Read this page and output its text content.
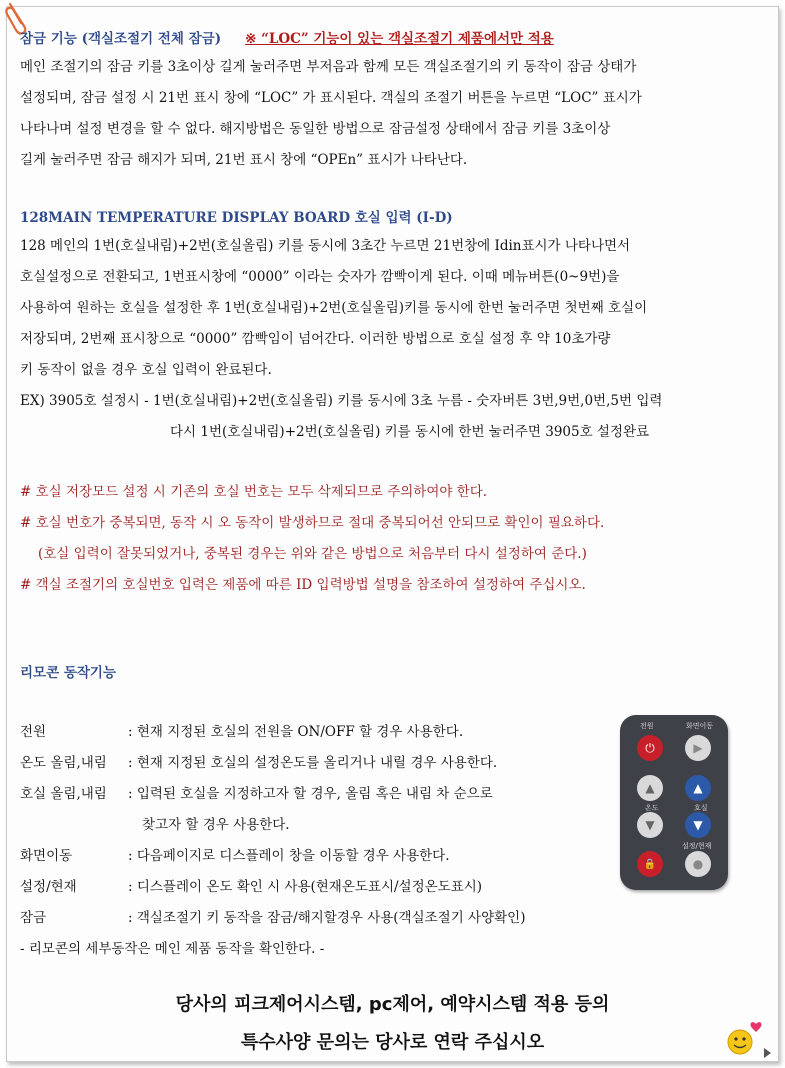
잠금 기능 (객실조절기 전체 잠금) ※ “LOC” 기능이 있는 객실조절기 제품에서만 적용
메인 조절기의 잠금 키를 3초이상 길게 눌러주면 부저음과 함께 모든 객실조절기의 키 동작이 잠금 상태가
설정되며, 잠금 설정 시 21번 표시 창에 “LOC” 가 표시된다. 객실의 조절기 버튼을 누르면 “LOC” 표시가
나타나며 설정 변경을 할 수 없다. 해지방법은 동일한 방법으로 잠금설정 상태에서 잠금 키를 3초이상
길게 눌러주면 잠금 해지가 되며, 21번 표시 창에 “OPEn” 표시가 나타난다.
128MAIN TEMPERATURE DISPLAY BOARD 호실 입력 (I-D)
128 메인의 1번(호실내림)+2번(호실올림) 키를 동시에 3초간 누르면 21번창에 Idin표시가 나타나면서
호실설정으로 전환되고, 1번표시창에 “0000” 이라는 숫자가 깜빡이게 된다. 이때 메뉴버튼(0~9번)을
사용하여 원하는 호실을 설정한 후 1번(호실내림)+2번(호실올림)키를 동시에 한번 눌러주면 첫번째 호실이
저장되며, 2번째 표시창으로 “0000” 깜빡임이 넘어간다. 이러한 방법으로 호실 설정 후 약 10초가량
키 동작이 없을 경우 호실 입력이 완료된다.
EX) 3905호 설정시 - 1번(호실내림)+2번(호실올림) 키를 동시에 3초 누름 - 숫자버튼 3번,9번,0번,5번 입력
다시 1번(호실내림)+2번(호실올림) 키를 동시에 한번 눌러주면 3905호 설정완료
# 호실 저장모드 설정 시 기존의 호실 번호는 모두 삭제되므로 주의하여야 한다.
# 호실 번호가 중복되면, 동작 시 오 동작이 발생하므로 절대 중복되어선 안되므로 확인이 필요하다.
(호실 입력이 잘못되었거나, 중복된 경우는 위와 같은 방법으로 처음부터 다시 설정하여 준다.)
# 객실 조절기의 호실번호 입력은 제품에 따른 ID 입력방법 설명을 참조하여 설정하여 주십시오.
리모콘 동작기능
전원	: 현재 지정된 호실의 전원을 ON/OFF 할 경우 사용한다.
온도 올림,내림	: 현재 지정된 호실의 설정온도를 올리거나 내릴 경우 사용한다.
호실 올림,내림	: 입력된 호실을 지정하고자 할 경우, 올림 혹은 내림 차 순으로
찾고자 할 경우 사용한다.
화면이동	: 다음페이지로 디스플레이 창을 이동할 경우 사용한다.
설정/현재	: 디스플레이 온도 확인 시 사용(현재온도표시/설정온도표시)
잠금	: 객실조절기 키 동작을 잠금/해지할경우 사용(객실조절기 사양확인)
- 리모콘의 세부동작은 메인 제품 동작을 확인한다. -
전원	화면이동
⏻	▶
▲	▲
온도	호실
▼	▼
설정/현재
🔒	●
당사의 피크제어시스템, pc제어, 예약시스템 적용 등의
특수사양 문의는 당사로 연락 주십시오
